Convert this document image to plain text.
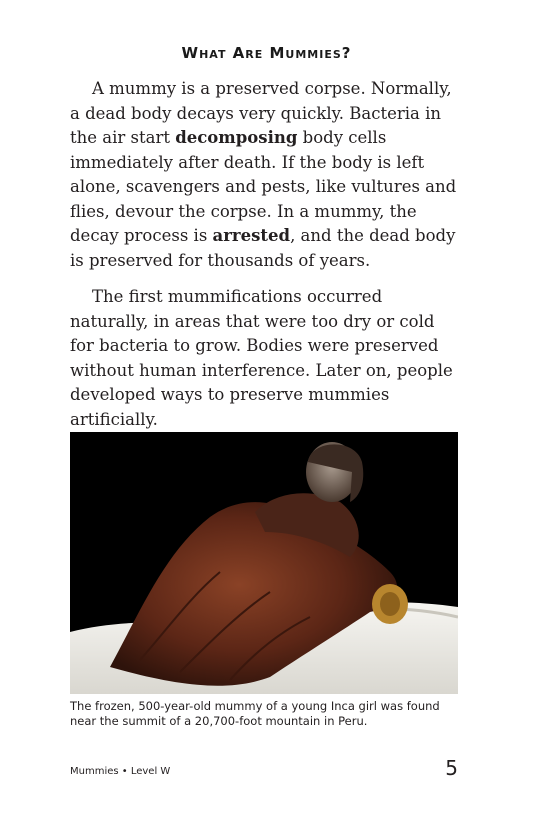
What Are Mummies?

A mummy is a preserved corpse. Normally, a dead body decays very quickly. Bacteria in the air start decomposing body cells immediately after death. If the body is left alone, scavengers and pests, like vultures and flies, devour the corpse. In a mummy, the decay process is arrested, and the dead body is preserved for thousands of years.

The first mummifications occurred naturally, in areas that were too dry or cold for bacteria to grow. Bodies were preserved without human interference. Later on, people developed ways to preserve mummies artificially.

The frozen, 500-year-old mummy of a young Inca girl was found near the summit of a 20,700-foot mountain in Peru.
Mummies • Level W	5
